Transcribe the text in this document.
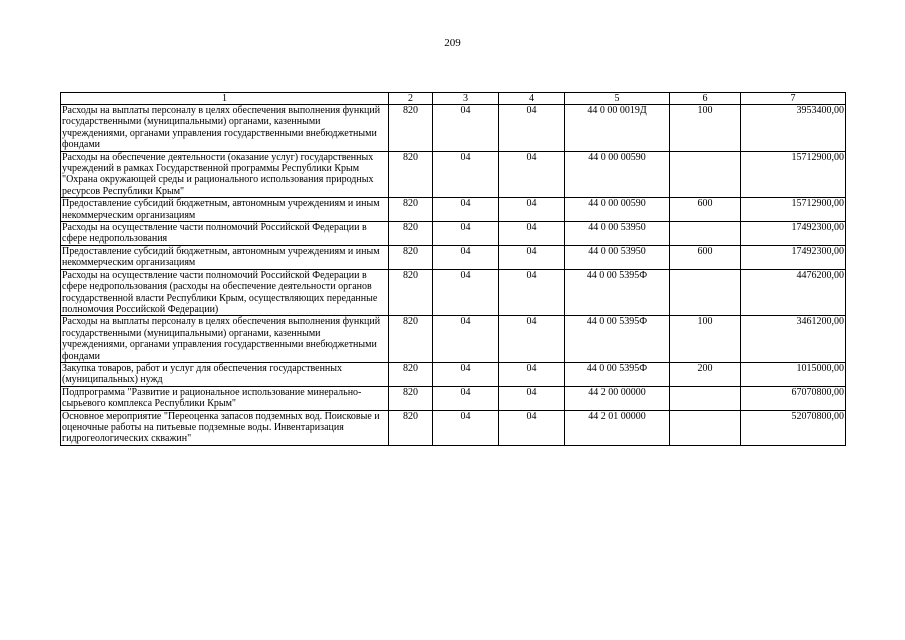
209
1	2	3	4	5	6	7
Расходы на выплаты персоналу в целях обеспечения выполнения функций государственными (муниципальными) органами, казенными учреждениями, органами управления государственными внебюджетными фондами	820	04	04	44 0 00 0019Д	100	3953400,00
Расходы на обеспечение деятельности (оказание услуг) государственных учреждений в рамках Государственной программы Республики Крым "Охрана окружающей среды и рационального использования природных ресурсов Республики Крым"	820	04	04	44 0 00 00590		15712900,00
Предоставление субсидий бюджетным, автономным учреждениям и иным некоммерческим организациям	820	04	04	44 0 00 00590	600	15712900,00
Расходы на осуществление части полномочий Российской Федерации в сфере недропользования	820	04	04	44 0 00 53950		17492300,00
Предоставление субсидий бюджетным, автономным учреждениям и иным некоммерческим организациям	820	04	04	44 0 00 53950	600	17492300,00
Расходы на осуществление части полномочий Российской Федерации в сфере недропользования (расходы на обеспечение деятельности органов государственной власти Республики Крым, осуществляющих переданные полномочия Российской Федерации)	820	04	04	44 0 00 5395Ф		4476200,00
Расходы на выплаты персоналу в целях обеспечения выполнения функций государственными (муниципальными) органами, казенными учреждениями, органами управления государственными внебюджетными фондами	820	04	04	44 0 00 5395Ф	100	3461200,00
Закупка товаров, работ и услуг для обеспечения государственных (муниципальных) нужд	820	04	04	44 0 00 5395Ф	200	1015000,00
Подпрограмма "Развитие и рациональное использование минерально-сырьевого комплекса Республики Крым"	820	04	04	44 2 00 00000		67070800,00
Основное мероприятие "Переоценка запасов подземных вод. Поисковые и оценочные работы на питьевые подземные воды. Инвентаризация гидрогеологических скважин"	820	04	04	44 2 01 00000		52070800,00
